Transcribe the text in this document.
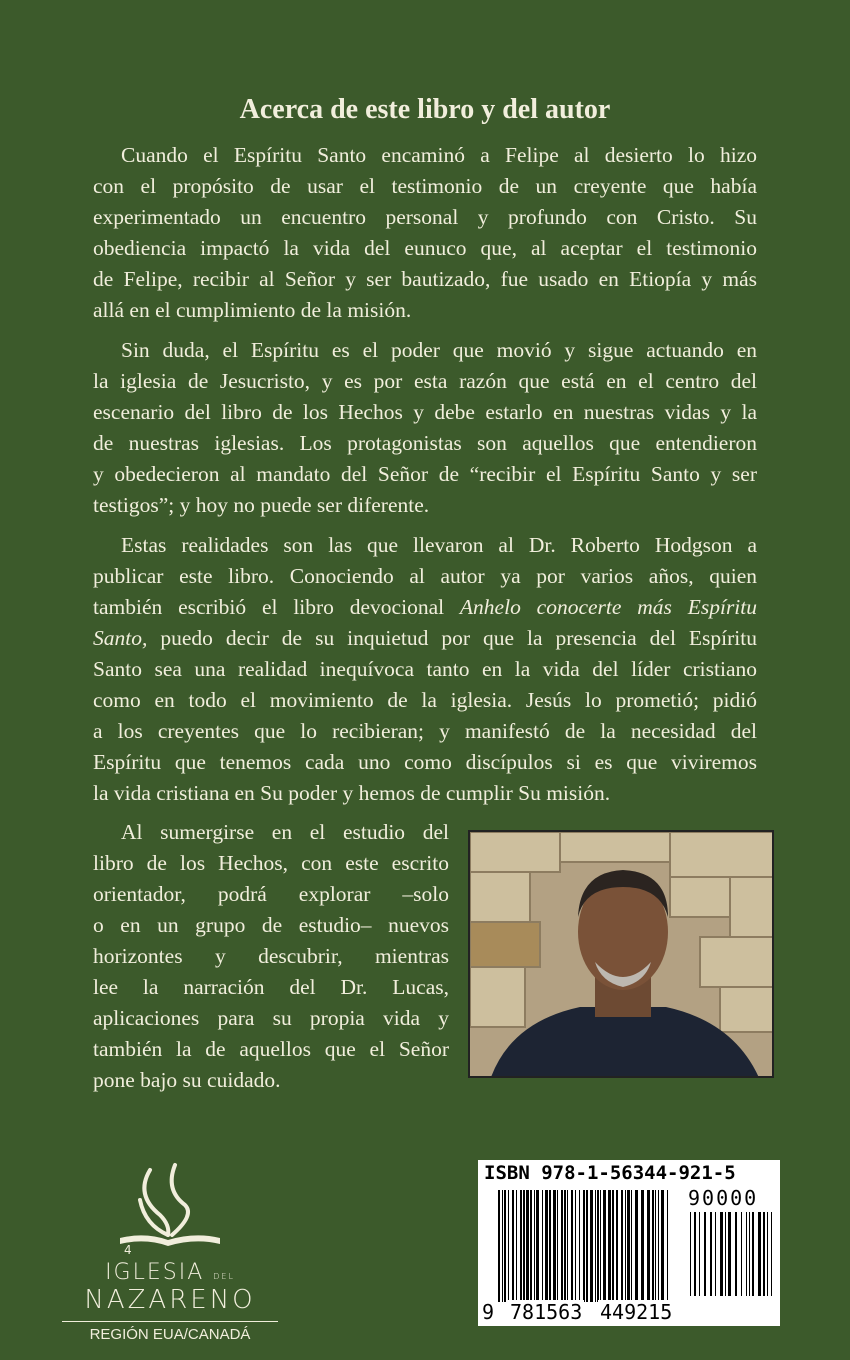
Acerca de este libro y del autor
Cuando el Espíritu Santo encaminó a Felipe al desierto lo hizo
con el propósito de usar el testimonio de un creyente que había
experimentado un encuentro personal y profundo con Cristo. Su
obediencia impactó la vida del eunuco que, al aceptar el testimonio
de Felipe, recibir al Señor y ser bautizado, fue usado en Etiopía y más
allá en el cumplimiento de la misión.
Sin duda, el Espíritu es el poder que movió y sigue actuando en
la iglesia de Jesucristo, y es por esta razón que está en el centro del
escenario del libro de los Hechos y debe estarlo en nuestras vidas y la
de nuestras iglesias. Los protagonistas son aquellos que entendieron
y obedecieron al mandato del Señor de “recibir el Espíritu Santo y ser
testigos”; y hoy no puede ser diferente.
Estas realidades son las que llevaron al Dr. Roberto Hodgson a
publicar este libro. Conociendo al autor ya por varios años, quien
también escribió el libro devocional Anhelo conocerte más Espíritu
Santo, puedo decir de su inquietud por que la presencia del Espíritu
Santo sea una realidad inequívoca tanto en la vida del líder cristiano
como en todo el movimiento de la iglesia. Jesús lo prometió; pidió
a los creyentes que lo recibieran; y manifestó de la necesidad del
Espíritu que tenemos cada uno como discípulos si es que viviremos
la vida cristiana en Su poder y hemos de cumplir Su misión.
Al sumergirse en el estudio del
libro de los Hechos, con este escrito
orientador, podrá explorar –solo
o en un grupo de estudio– nuevos
horizontes y descubrir, mientras
lee la narración del Dr. Lucas,
aplicaciones para su propia vida y
también la de aquellos que el Señor
pone bajo su cuidado.
4
IGLESIA DEL
NAZARENO
REGIÓN EUA/CANADÁ
ISBN 978-1-56344-921-5
90000
9 781563 449215
